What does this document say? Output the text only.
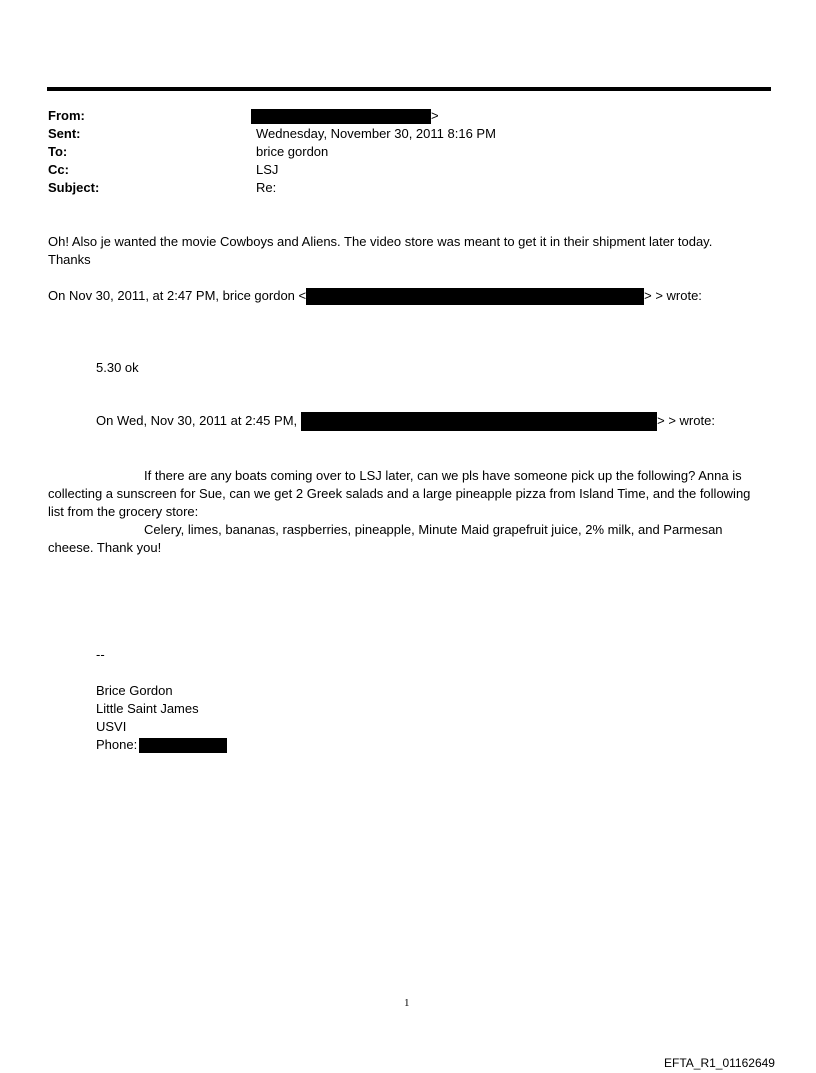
From:	>
Sent:	Wednesday, November 30, 2011 8:16 PM
To:	brice gordon
Cc:	LSJ
Subject:	Re:
Oh! Also je wanted the movie Cowboys and Aliens. The video store was meant to get it in their shipment later today.
Thanks
On Nov 30, 2011, at 2:47 PM, brice gordon <	> > wrote:
5.30 ok
On Wed, Nov 30, 2011 at 2:45 PM,	> > wrote:
If there are any boats coming over to LSJ later, can we pls have someone pick up the following? Anna is
collecting a sunscreen for Sue, can we get 2 Greek salads and a large pineapple pizza from Island Time, and the following
list from the grocery store:
Celery, limes, bananas, raspberries, pineapple, Minute Maid grapefruit juice, 2% milk, and Parmesan
cheese. Thank you!
--
Brice Gordon
Little Saint James
USVI
Phone:
1
EFTA_R1_01162649
